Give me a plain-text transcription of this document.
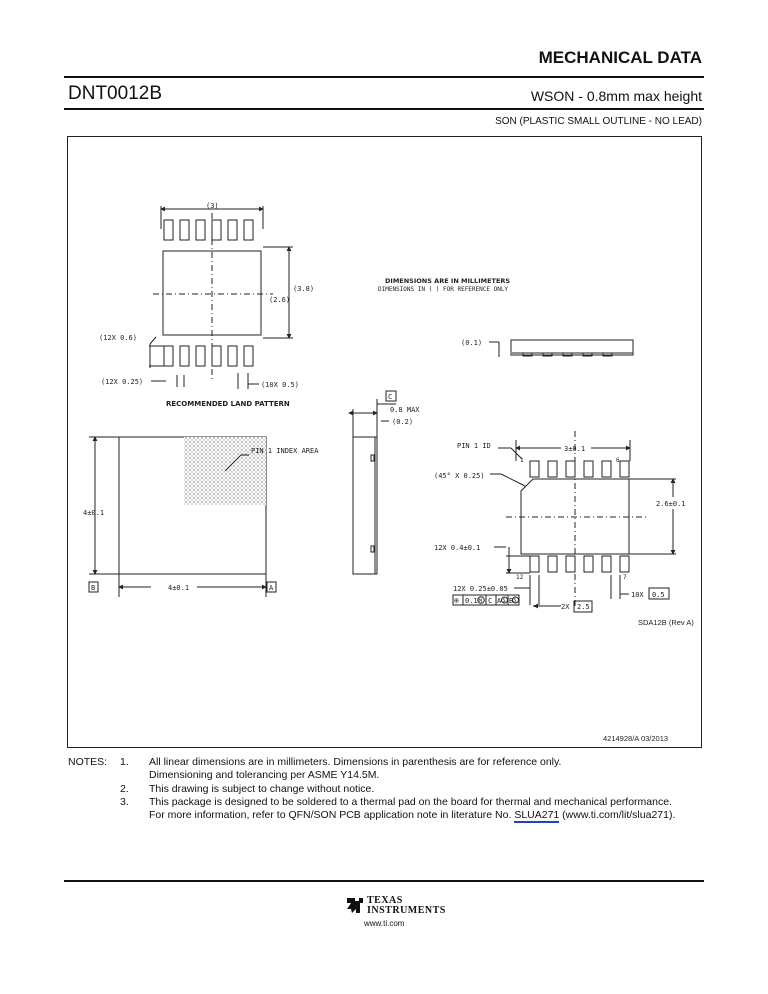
MECHANICAL DATA
DNT0012B	WSON - 0.8mm max height
SON (PLASTIC SMALL OUTLINE - NO LEAD)
(3)
(3.8)
(2.6)
(12X 0.6)
(12X 0.25)	(10X 0.5)
RECOMMENDED LAND PATTERN
DIMENSIONS ARE IN MILLIMETERS
DIMENSIONS IN ( ) FOR REFERENCE ONLY
(0.1)
PIN 1 INDEX AREA
4±0.1
4±0.1
B	A
C
0.8 MAX
(0.2)
PIN 1 ID
1	6
3±0.1
(45° X 0.25)
2.6±0.1
12X 0.4±0.1
12	7
12X 0.25±0.05
⊕ 0.1 M C A S B S
10X 0.5
2X 2.5
SDA12B (Rev A)
4214928/A 03/2013
NOTES: 1. All linear dimensions are in millimeters. Dimensions in parenthesis are for reference only.
Dimensioning and tolerancing per ASME Y14.5M.
2. This drawing is subject to change without notice.
3. This package is designed to be soldered to a thermal pad on the board for thermal and mechanical performance.
For more information, refer to QFN/SON PCB application note in literature No. SLUA271 (www.ti.com/lit/slua271).
TEXAS
INSTRUMENTS
www.ti.com
